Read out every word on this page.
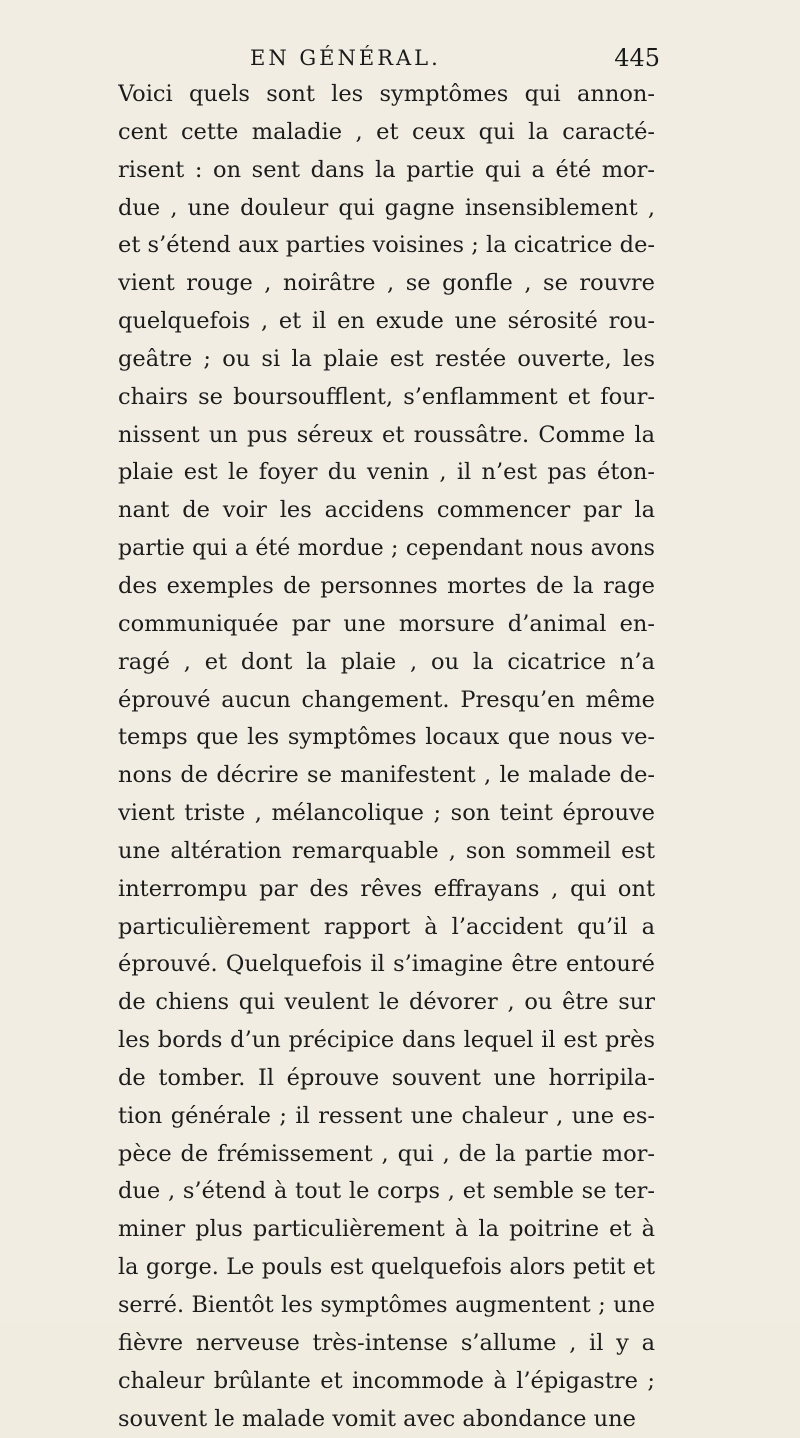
EN GÉNÉRAL.	445
Voici quels sont les symptômes qui annon-
cent cette maladie , et ceux qui la caracté-
risent : on sent dans la partie qui a été mor-
due , une douleur qui gagne insensiblement ,
et s’étend aux parties voisines ; la cicatrice de-
vient rouge , noirâtre , se gonfle , se rouvre
quelquefois , et il en exude une sérosité rou-
geâtre ; ou si la plaie est restée ouverte, les
chairs se boursoufflent, s’enflamment et four-
nissent un pus séreux et roussâtre. Comme la
plaie est le foyer du venin , il n’est pas éton-
nant de voir les accidens commencer par la
partie qui a été mordue ; cependant nous avons
des exemples de personnes mortes de la rage
communiquée par une morsure d’animal en-
ragé , et dont la plaie , ou la cicatrice n’a
éprouvé aucun changement. Presqu’en même
temps que les symptômes locaux que nous ve-
nons de décrire se manifestent , le malade de-
vient triste , mélancolique ; son teint éprouve
une altération remarquable , son sommeil est
interrompu par des rêves effrayans , qui ont
particulièrement rapport à l’accident qu’il a
éprouvé. Quelquefois il s’imagine être entouré
de chiens qui veulent le dévorer , ou être sur
les bords d’un précipice dans lequel il est près
de tomber. Il éprouve souvent une horripila-
tion générale ; il ressent une chaleur , une es-
pèce de frémissement , qui , de la partie mor-
due , s’étend à tout le corps , et semble se ter-
miner plus particulièrement à la poitrine et à
la gorge. Le pouls est quelquefois alors petit et
serré. Bientôt les symptômes augmentent ; une
fièvre nerveuse très-intense s’allume , il y a
chaleur brûlante et incommode à l’épigastre ;
souvent le malade vomit avec abondance une
